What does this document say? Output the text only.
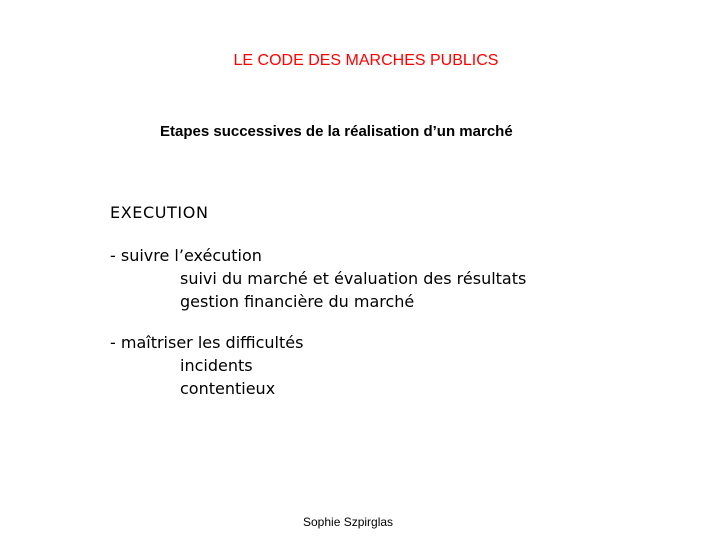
LE CODE DES MARCHES PUBLICS
Etapes successives de la réalisation d’un marché
EXECUTION
- suivre l’exécution
suivi du marché et évaluation des résultats
gestion financière du marché
- maîtriser les difficultés
incidents
contentieux
Sophie Szpirglas
